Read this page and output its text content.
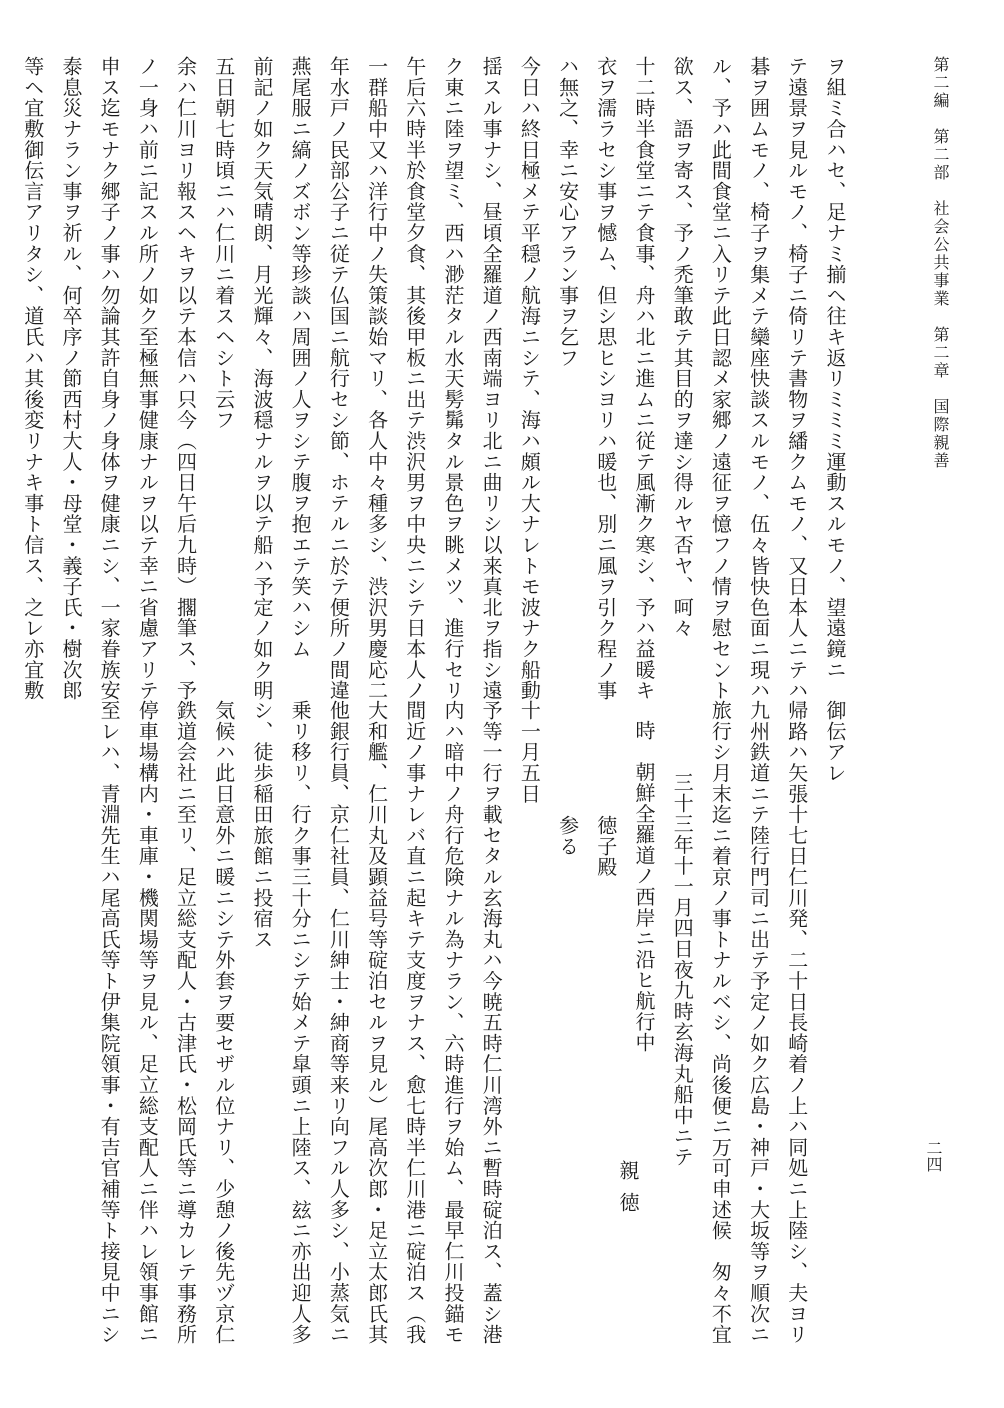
第二編　第二部　社会公共事業　第二章　国際親善
二四
ヲ組ミ合ハセ、足ナミ揃ヘ往キ返リミミミ運動スルモノ、望遠鏡ニ
テ遠景ヲ見ルモノ、椅子ニ倚リテ書物ヲ繙クムモノ、又日本人ニテハ
碁ヲ囲ムモノ、椅子ヲ集メテ欒座快談スルモノ、伍々皆快色面ニ現ハ
ル、予ハ此間食堂ニ入リテ此日認メ家郷ノ遠征ヲ憶フノ情ヲ慰セント
欲ス、語ヲ寄ス、予ノ禿筆敢テ其目的ヲ達シ得ルヤ否ヤ、呵々
十二時半食堂ニテ食事、舟ハ北ニ進ムニ従テ風漸ク寒シ、予ハ益暖キ
衣ヲ濡ラセシ事ヲ憾ム、但シ思ヒシヨリハ暖也、別ニ風ヲ引ク程ノ事
ハ無之、幸ニ安心アラン事ヲ乞フ
今日ハ終日極メテ平穏ノ航海ニシテ、海ハ頗ル大ナレトモ波ナク船動
揺スル事ナシ、昼頃全羅道ノ西南端ヨリ北ニ曲リシ以来真北ヲ指シ遠
ク東ニ陸ヲ望ミ、西ハ渺茫タル水天髣髴タル景色ヲ眺メツ、進行セリ
午后六時半於食堂夕食、其後甲板ニ出テ渋沢男ヲ中央ニシテ日本人ノ
一群船中又ハ洋行中ノ失策談始マリ、各人中々種多シ、渋沢男慶応二
年水戸ノ民部公子ニ従テ仏国ニ航行セシ節、ホテルニ於テ便所ノ間違
燕尾服ニ縞ノズボン等珍談ハ周囲ノ人ヲシテ腹ヲ抱エテ笑ハシム
前記ノ如ク天気晴朗、月光輝々、海波穏ナルヲ以テ船ハ予定ノ如ク明
五日朝七時頃ニハ仁川ニ着スヘシト云フ
余ハ仁川ヨリ報スヘキヲ以テ本信ハ只今（四日午后九時）擱筆ス、予
ノ一身ハ前ニ記スル所ノ如ク至極無事健康ナルヲ以テ幸ニ省慮アリテ
申ス迄モナク郷子ノ事ハ勿論其許自身ノ身体ヲ健康ニシ、一家眷族安
泰息災ナラン事ヲ祈ル、何卒序ノ節西村大人・母堂・義子氏・樹次郎
等ヘ宜敷御伝言アリタシ、道氏ハ其後変リナキ事ト信ス、之レ亦宜敷
御伝アレ
帰路ハ矢張十七日仁川発、二十日長崎着ノ上ハ同処ニ上陸シ、夫ヨリ
九州鉄道ニテ陸行門司ニ出テ予定ノ如ク広島・神戸・大坂等ヲ順次ニ
旅行シ月末迄ニ着京ノ事トナルベシ、尚後便ニ万可申述候　匆々不宜
三十三年十一月四日夜九時玄海丸船中ニテ
時　朝鮮全羅道ノ西岸ニ沿ヒ航行中
徳子殿
参る
十一月五日
予等一行ヲ載セタル玄海丸ハ今暁五時仁川湾外ニ暫時碇泊ス、蓋シ港
内ハ暗中ノ舟行危険ナル為ナラン、六時進行ヲ始ム、最早仁川投錨モ
間近ノ事ナレバ直ニ起キテ支度ヲナス、愈七時半仁川港ニ碇泊ス（我
大和艦、仁川丸及顕益号等碇泊セルヲ見ル）尾高次郎・足立太郎氏其
他銀行員、京仁社員、仁川紳士・紳商等来リ向フル人多シ、小蒸気ニ
乗リ移リ、行ク事三十分ニシテ始メテ皐頭ニ上陸ス、玆ニ亦出迎人多
シ、徒歩稲田旅館ニ投宿ス
気候ハ此日意外ニ暖ニシテ外套ヲ要セザル位ナリ、少憩ノ後先ヅ京仁
鉄道会社ニ至リ、足立総支配人・古津氏・松岡氏等ニ導カレテ事務所
停車場構内・車庫・機関場等ヲ見ル、足立総支配人ニ伴ハレ領事館ニ
至レハ、青淵先生ハ尾高氏等ト伊集院領事・有吉官補等ト接見中ニシ	親徳
